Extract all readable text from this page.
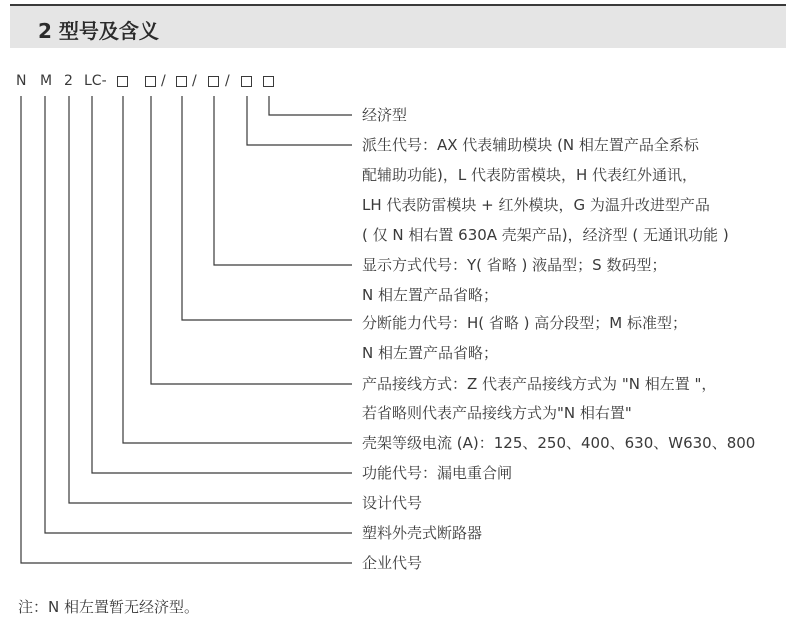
2 型号及含义
N M 2 LC-	/ / /
经济型
派生代号：AX 代表辅助模块 (N 相左置产品全系标
配辅助功能)，L 代表防雷模块，H 代表红外通讯，
LH 代表防雷模块 + 红外模块，G 为温升改进型产品
( 仅 N 相右置 630A 壳架产品)，经济型 ( 无通讯功能 )
显示方式代号：Y( 省略 ) 液晶型；S 数码型；
N 相左置产品省略；
分断能力代号：H( 省略 ) 高分段型；M 标准型；
N 相左置产品省略；
产品接线方式：Z 代表产品接线方式为 "N 相左置 "，
若省略则代表产品接线方式为"N 相右置"
壳架等级电流 (A)：125、250、400、630、W630、800
功能代号：漏电重合闸
设计代号
塑料外壳式断路器
企业代号
注：N 相左置暂无经济型。
